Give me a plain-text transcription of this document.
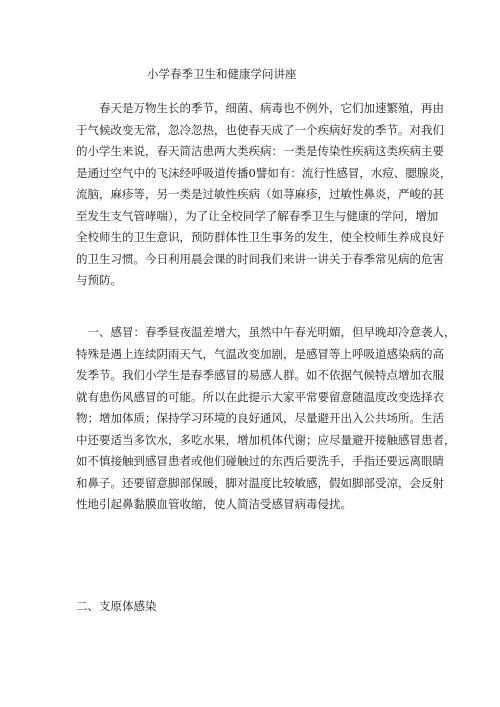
小学春季卫生和健康学问讲座

　　春天是万物生长的季节，细菌、病毒也不例外，它们加速繁殖，再由
于气候改变无常，忽冷忽热，也使春天成了一个疾病好发的季节。对我们
的小学生来说，春天简洁患两大类疾病：一类是传染性疾病这类疾病主要
是通过空气中的飞沫经呼吸道传播0譬如有：流行性感冒，水痘、腮腺炎，
流脑，麻疹等，另一类是过敏性疾病（如荨麻疹，过敏性鼻炎，严峻的甚
至发生支气管哮喘），为了让全校同学了解春季卫生与健康的学问，增加
全校师生的卫生意识，预防群体性卫生事务的发生，使全校师生养成良好
的卫生习惯。今日利用晨会课的时间我们来讲一讲关于春季常见病的危害
与预防。

　一、感冒：春季昼夜温差增大，虽然中午春光明媚，但早晚却冷意袭人，
特殊是遇上连续阴雨天气，气温改变加剧，是感冒等上呼吸道感染病的高
发季节。我们小学生是春季感冒的易感人群。如不依据气候特点增加衣服
就有患伤风感冒的可能。所以在此提示大家平常要留意随温度改变选择衣
物；增加体质；保持学习环境的良好通风，尽量避开出入公共场所。生活
中还要适当多饮水，多吃水果，增加机体代谢；应尽量避开接触感冒患者，
如不慎接触到感冒患者或他们碰触过的东西后要洗手，手指还要远离眼睛
和鼻子。还要留意脚部保暖，脚对温度比较敏感，假如脚部受凉，会反射
性地引起鼻黏膜血管收缩，使人简洁受感冒病毒侵扰。

二、支原体感染
